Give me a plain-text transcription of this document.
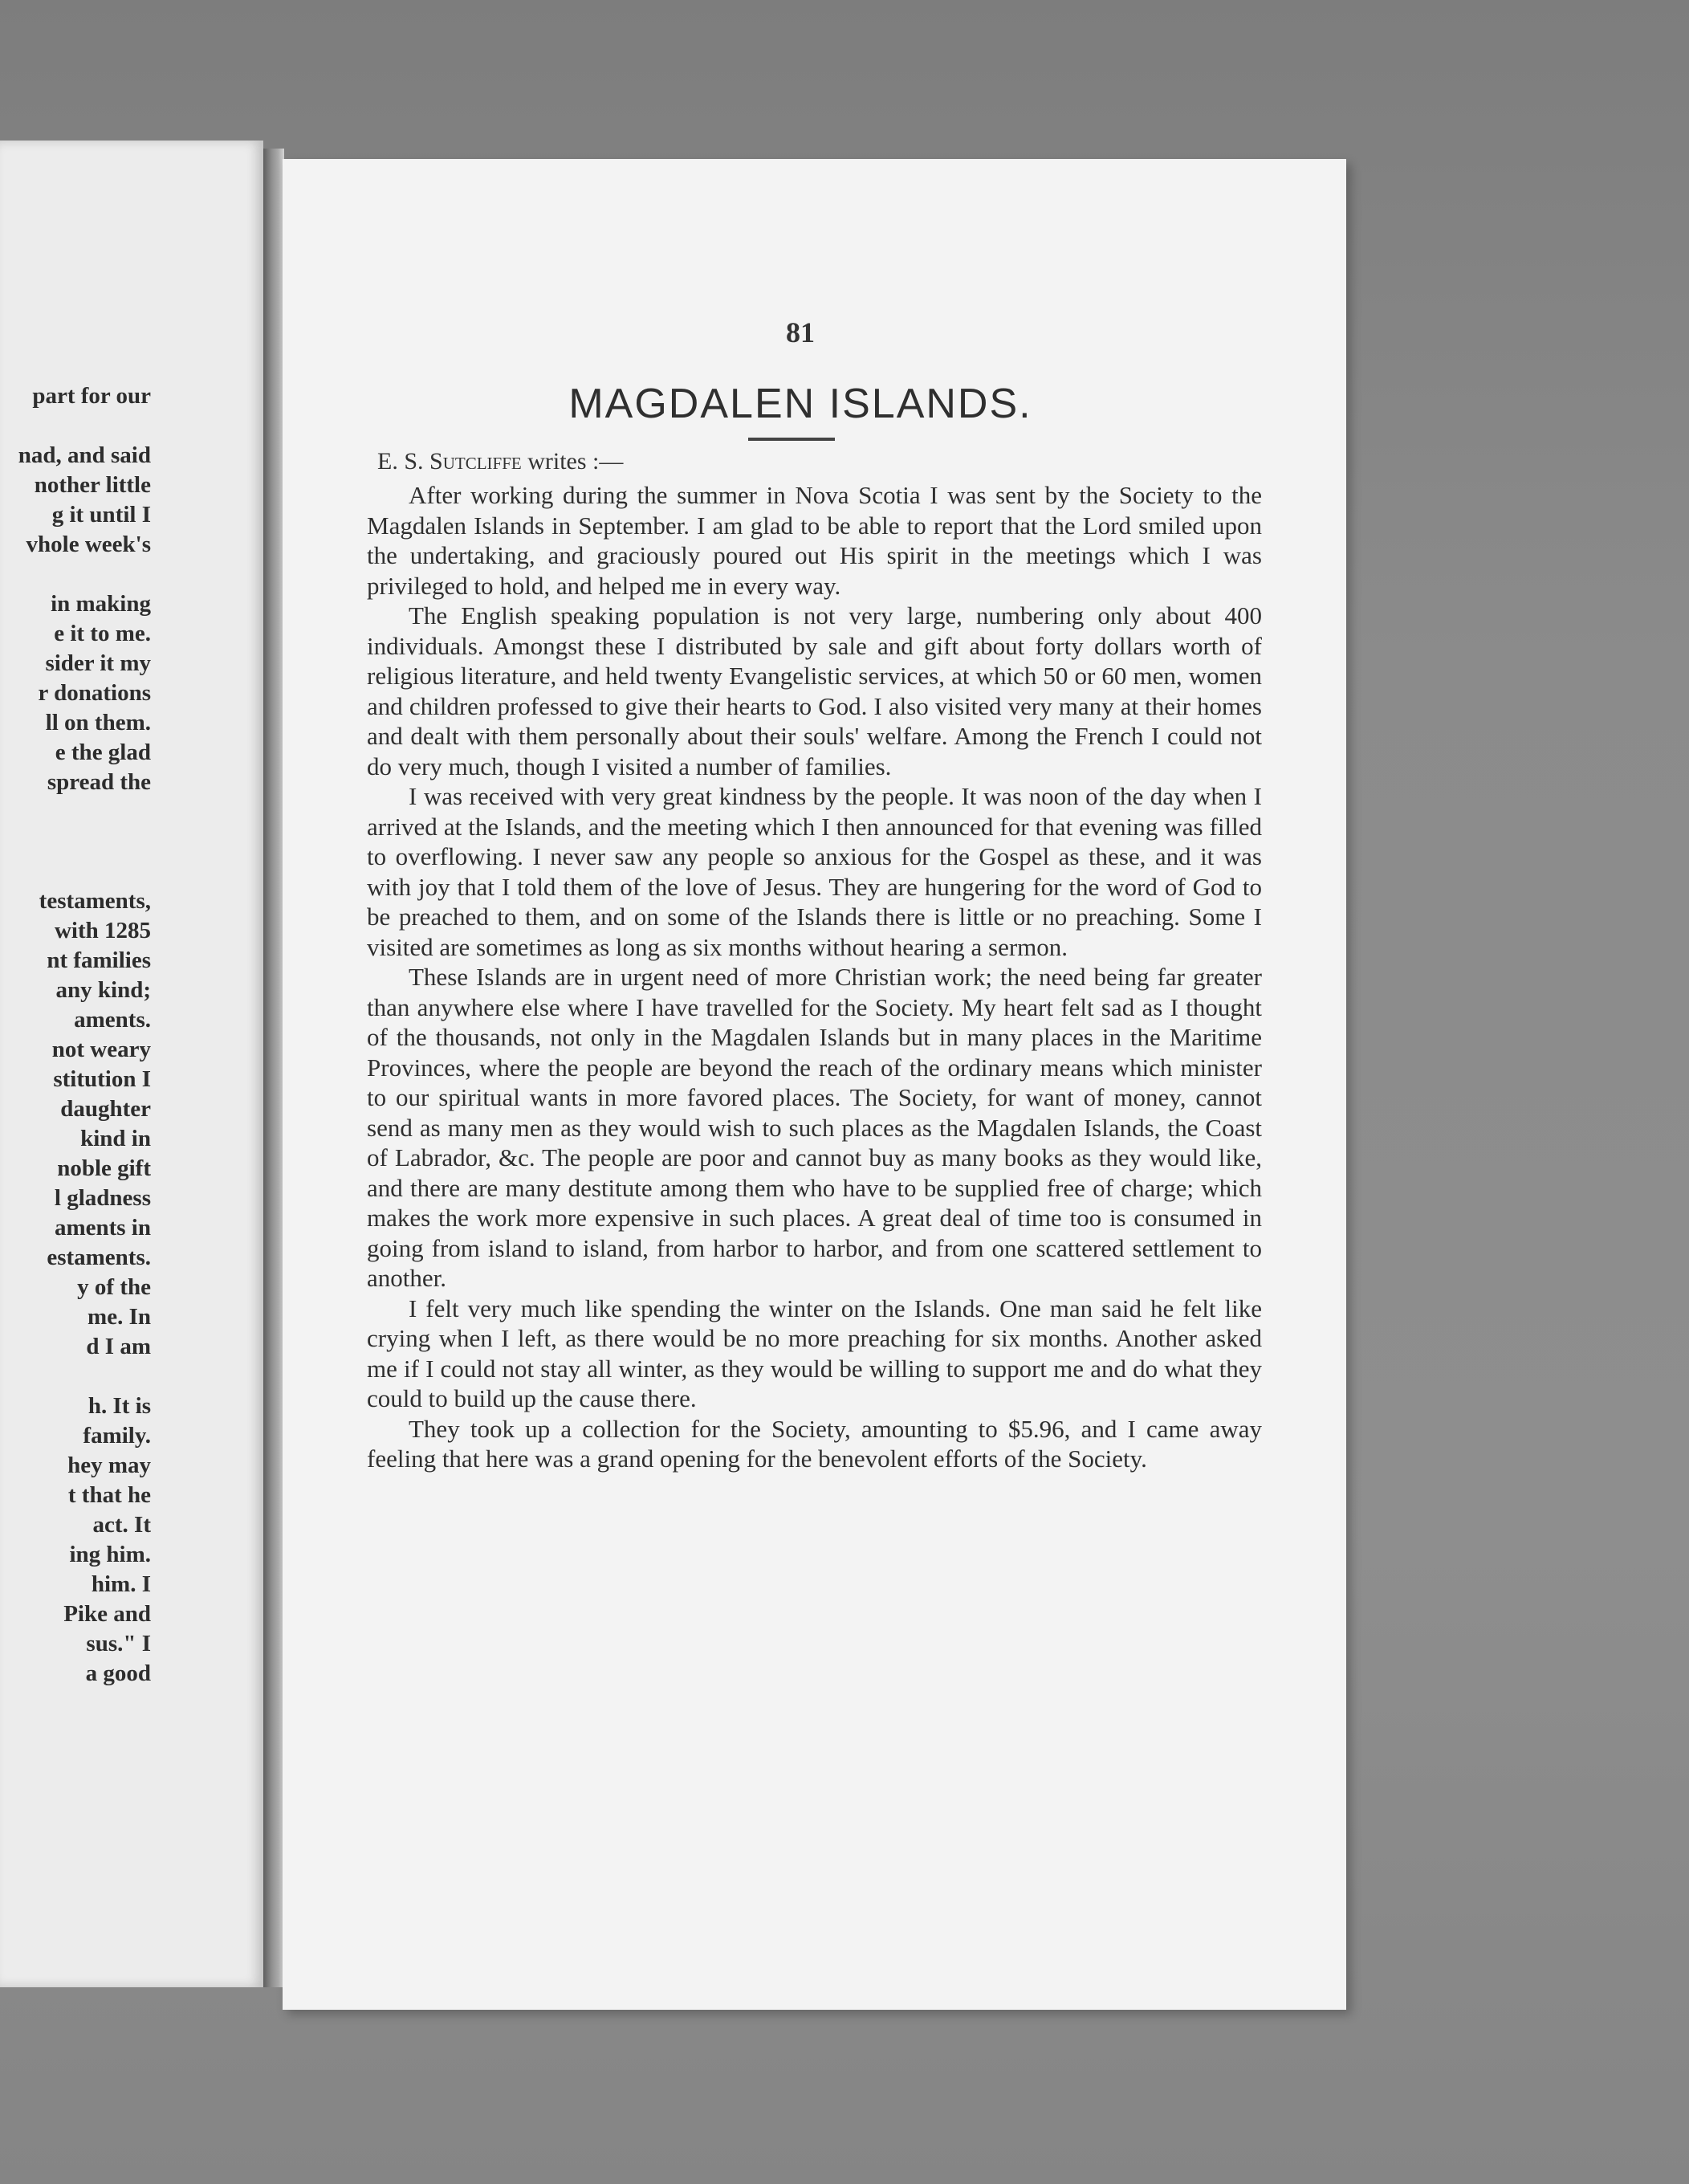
part for our
nad, and said
nother little
g it until I
vhole week's
in making
e it to me.
sider it my
r donations
ll on them.
e the glad
spread the
testaments,
with 1285
nt families
any kind;
aments.
not weary
stitution I
daughter
kind in
noble gift
l gladness
aments in
estaments.
y of the
me. In
d I am
h. It is
family.
hey may
t that he
act. It
ing him.
him. I
Pike and
sus." I
a good
81
MAGDALEN ISLANDS.
E. S. Sutcliffe writes :—

After working during the summer in Nova Scotia I was sent by the Society to the Magdalen Islands in September. I am glad to be able to report that the Lord smiled upon the undertaking, and graciously poured out His spirit in the meetings which I was privileged to hold, and helped me in every way.

The English speaking population is not very large, numbering only about 400 individuals. Amongst these I distributed by sale and gift about forty dollars worth of religious literature, and held twenty Evangelistic services, at which 50 or 60 men, women and children professed to give their hearts to God. I also visited very many at their homes and dealt with them personally about their souls' welfare. Among the French I could not do very much, though I visited a number of families.

I was received with very great kindness by the people. It was noon of the day when I arrived at the Islands, and the meeting which I then announced for that evening was filled to overflowing. I never saw any people so anxious for the Gospel as these, and it was with joy that I told them of the love of Jesus. They are hungering for the word of God to be preached to them, and on some of the Islands there is little or no preaching. Some I visited are sometimes as long as six months without hearing a sermon.

These Islands are in urgent need of more Christian work; the need being far greater than anywhere else where I have travelled for the Society. My heart felt sad as I thought of the thousands, not only in the Magdalen Islands but in many places in the Maritime Provinces, where the people are beyond the reach of the ordinary means which minister to our spiritual wants in more favored places. The Society, for want of money, cannot send as many men as they would wish to such places as the Magdalen Islands, the Coast of Labrador, &c. The people are poor and cannot buy as many books as they would like, and there are many destitute among them who have to be supplied free of charge; which makes the work more expensive in such places. A great deal of time too is consumed in going from island to island, from harbor to harbor, and from one scattered settlement to another.

I felt very much like spending the winter on the Islands. One man said he felt like crying when I left, as there would be no more preaching for six months. Another asked me if I could not stay all winter, as they would be willing to support me and do what they could to build up the cause there.

They took up a collection for the Society, amounting to $5.96, and I came away feeling that here was a grand opening for the benevolent efforts of the Society.
